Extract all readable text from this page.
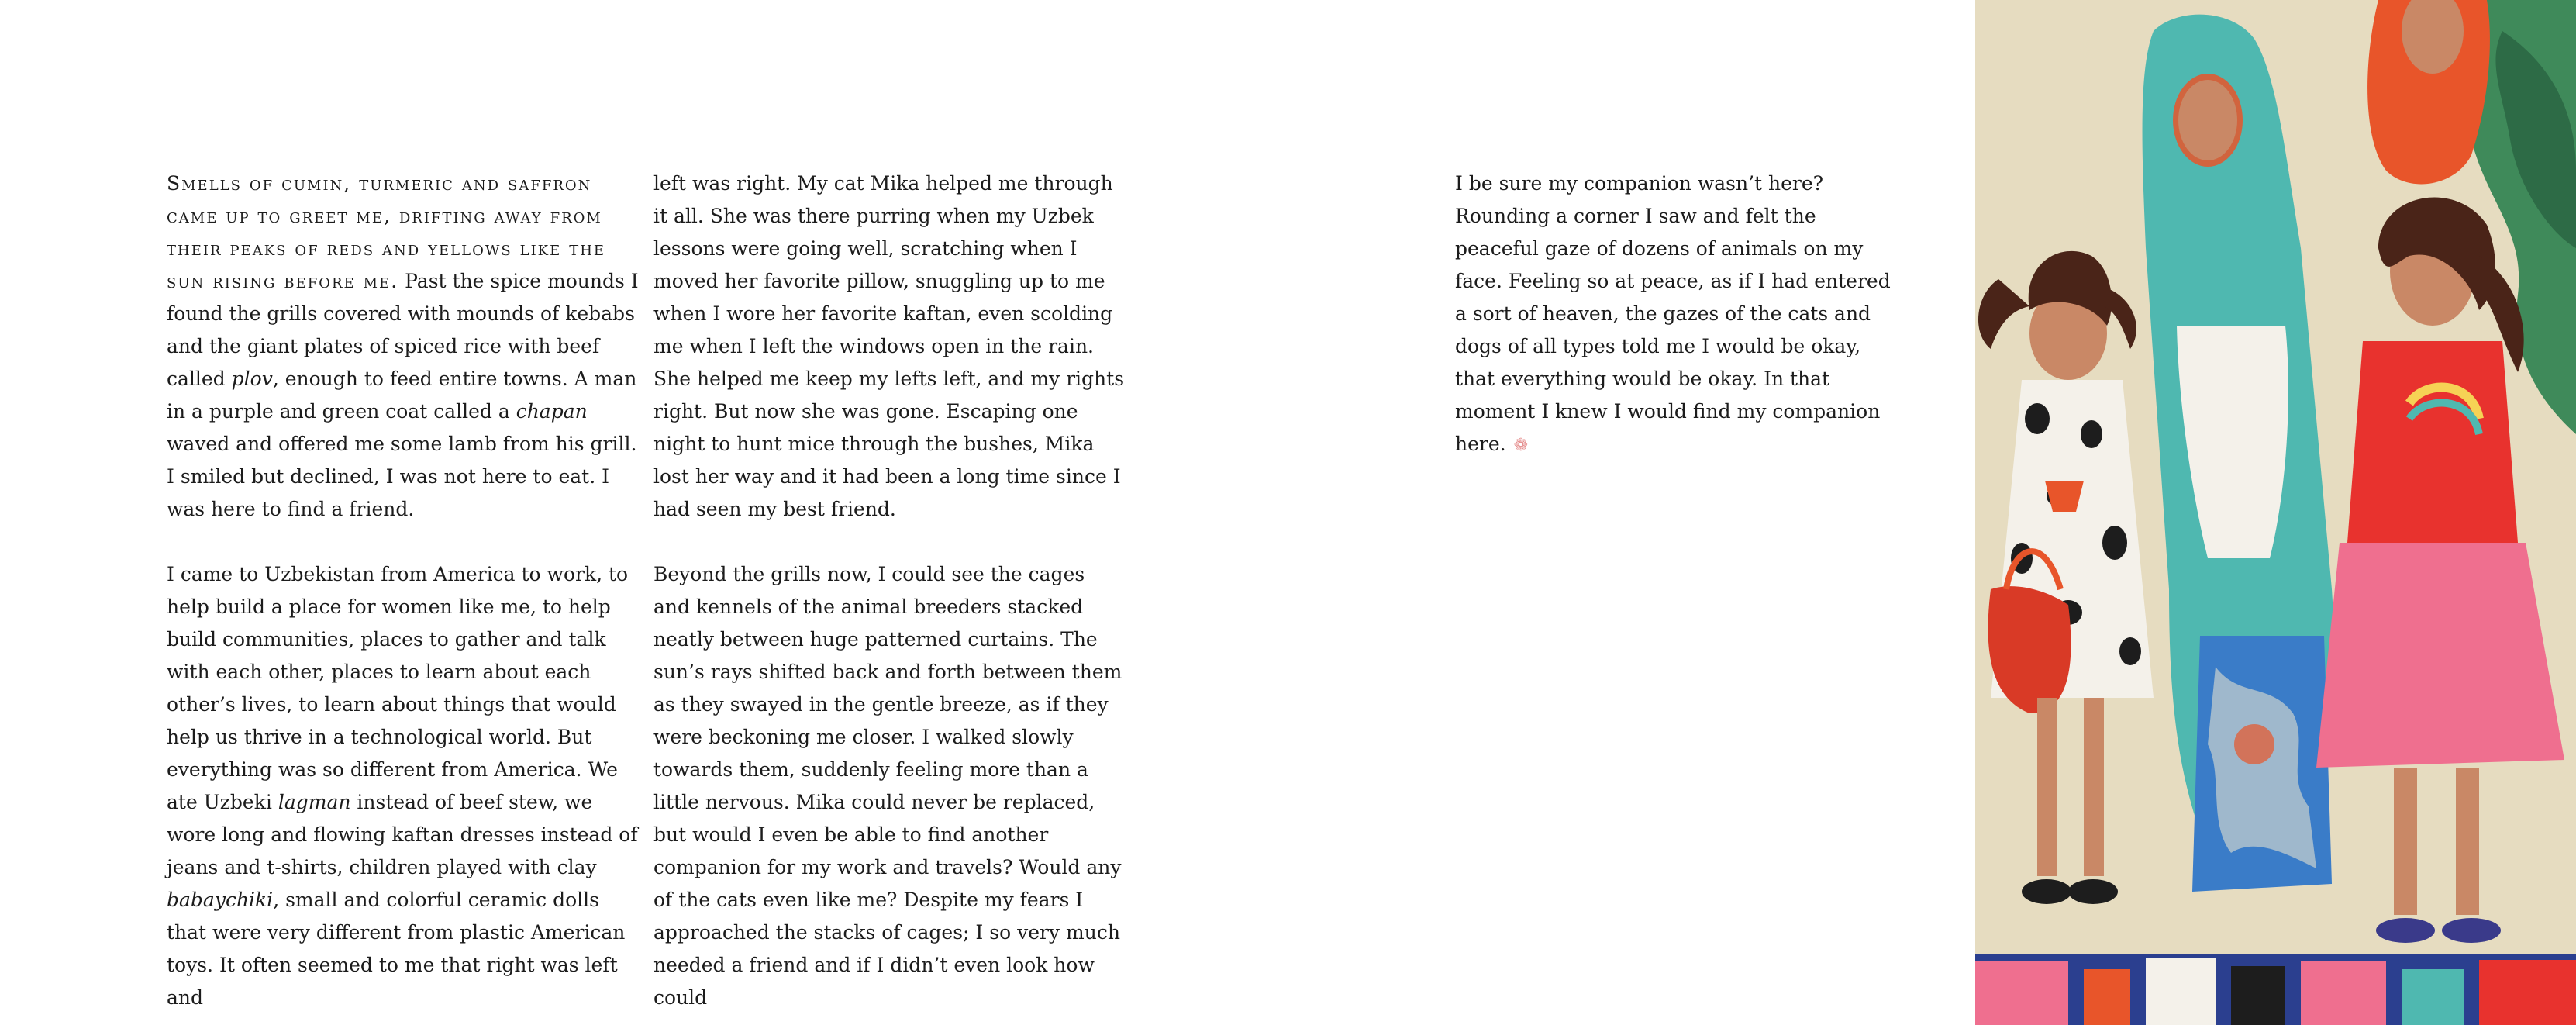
Smells of cumin, turmeric and saffron came up to greet me, drifting away from their peaks of reds and yellows like the sun rising before me. Past the spice mounds I found the grills covered with mounds of kebabs and the giant plates of spiced rice with beef called plov, enough to feed entire towns. A man in a purple and green coat called a chapan waved and offered me some lamb from his grill. I smiled but declined, I was not here to eat. I was here to find a friend.

I came to Uzbekistan from America to work, to help build a place for women like me, to help build communities, places to gather and talk with each other, places to learn about each other’s lives, to learn about things that would help us thrive in a technological world. But everything was so different from America. We ate Uzbeki lagman instead of beef stew, we wore long and flowing kaftan dresses instead of jeans and t-shirts, children played with clay babaychiki, small and colorful ceramic dolls that were very different from plastic American toys. It often seemed to me that right was left and

left was right. My cat Mika helped me through it all. She was there purring when my Uzbek lessons were going well, scratching when I moved her favorite pillow, snuggling up to me when I wore her favorite kaftan, even scolding me when I left the windows open in the rain. She helped me keep my lefts left, and my rights right. But now she was gone. Escaping one night to hunt mice through the bushes, Mika lost her way and it had been a long time since I had seen my best friend.

Beyond the grills now, I could see the cages and kennels of the animal breeders stacked neatly between huge patterned curtains. The sun’s rays shifted back and forth between them as they swayed in the gentle breeze, as if they were beckoning me closer. I walked slowly towards them, suddenly feeling more than a little nervous. Mika could never be replaced, but would I even be able to find another companion for my work and travels? Would any of the cats even like me? Despite my fears I approached the stacks of cages; I so very much needed a friend and if I didn’t even look how could

I be sure my companion wasn’t here? Rounding a corner I saw and felt the peaceful gaze of dozens of animals on my face. Feeling so at peace, as if I had entered a sort of heaven, the gazes of the cats and dogs of all types told me I would be okay, that everything would be okay. In that moment I knew I would find my companion here. ❁
